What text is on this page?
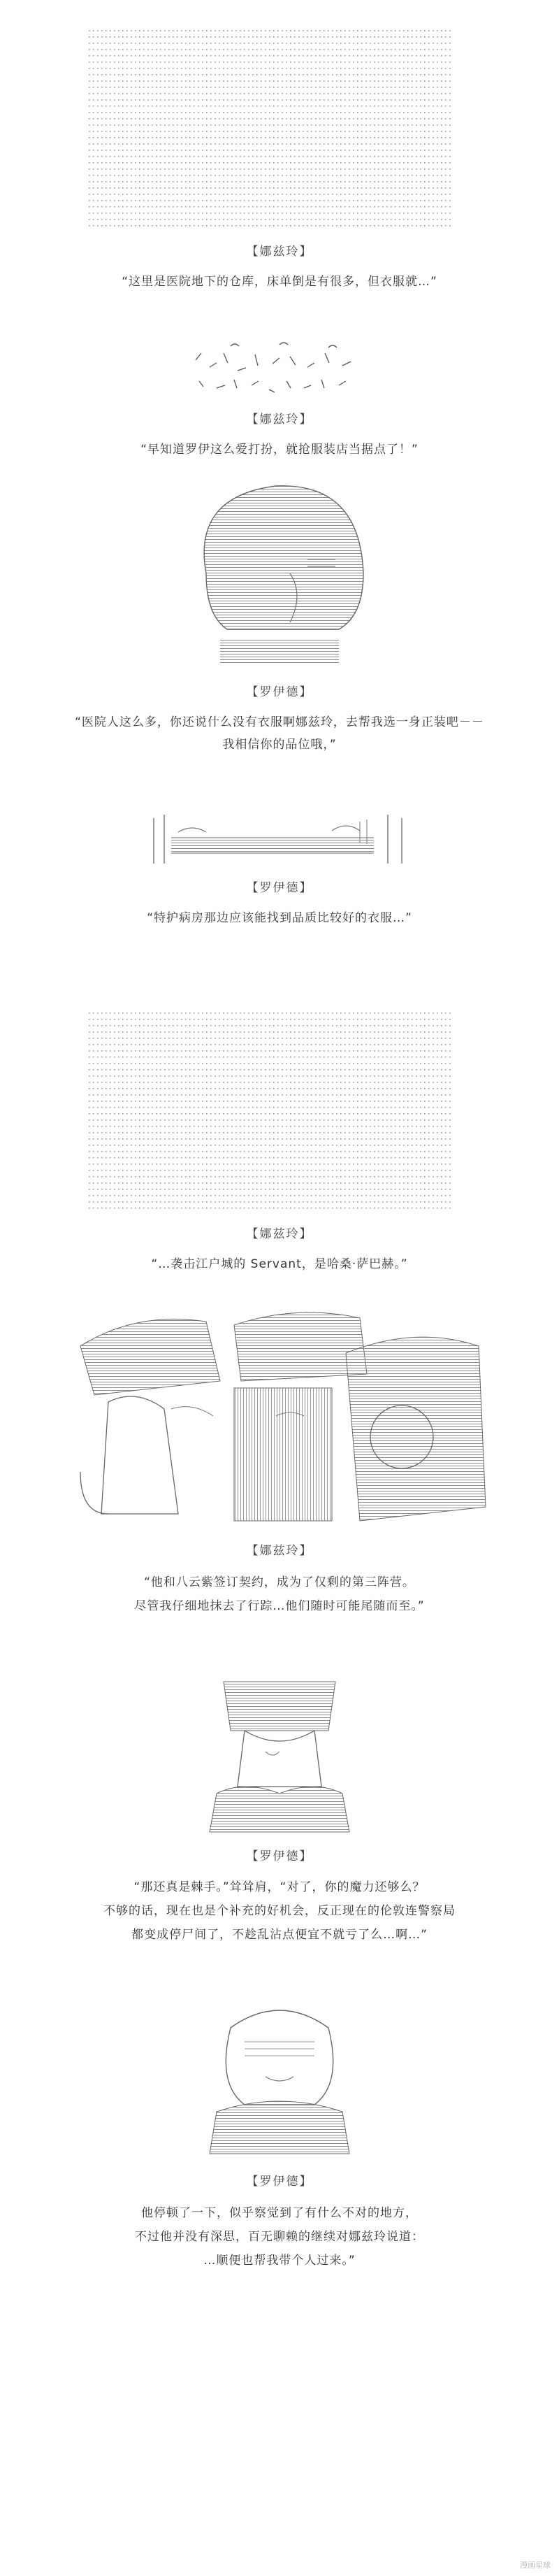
【娜兹玲】
“这里是医院地下的仓库，床单倒是有很多，但衣服就…”
【娜兹玲】
“早知道罗伊这么爱打扮，就抢服装店当据点了！”
【罗伊德】
“医院人这么多，你还说什么没有衣服啊娜兹玲，去帮我选一身正装吧－－
我相信你的品位哦，”
【罗伊德】
“特护病房那边应该能找到品质比较好的衣服…”
【娜兹玲】
“…袭击江户城的 Servant，是哈桑·萨巴赫。”
【娜兹玲】
“他和八云紫签订契约，成为了仅剩的第三阵营。
尽管我仔细地抹去了行踪…他们随时可能尾随而至。”
【罗伊德】
“那还真是棘手。”耸耸肩，“对了，你的魔力还够么？
不够的话，现在也是个补充的好机会，反正现在的伦敦连警察局
都变成停尸间了，不趁乱沾点便宜不就亏了么…啊…”
【罗伊德】
他停顿了一下，似乎察觉到了有什么不对的地方，
不过他并没有深思，百无聊赖的继续对娜兹玲说道：
…顺便也帮我带个人过来。”
漫画星球
